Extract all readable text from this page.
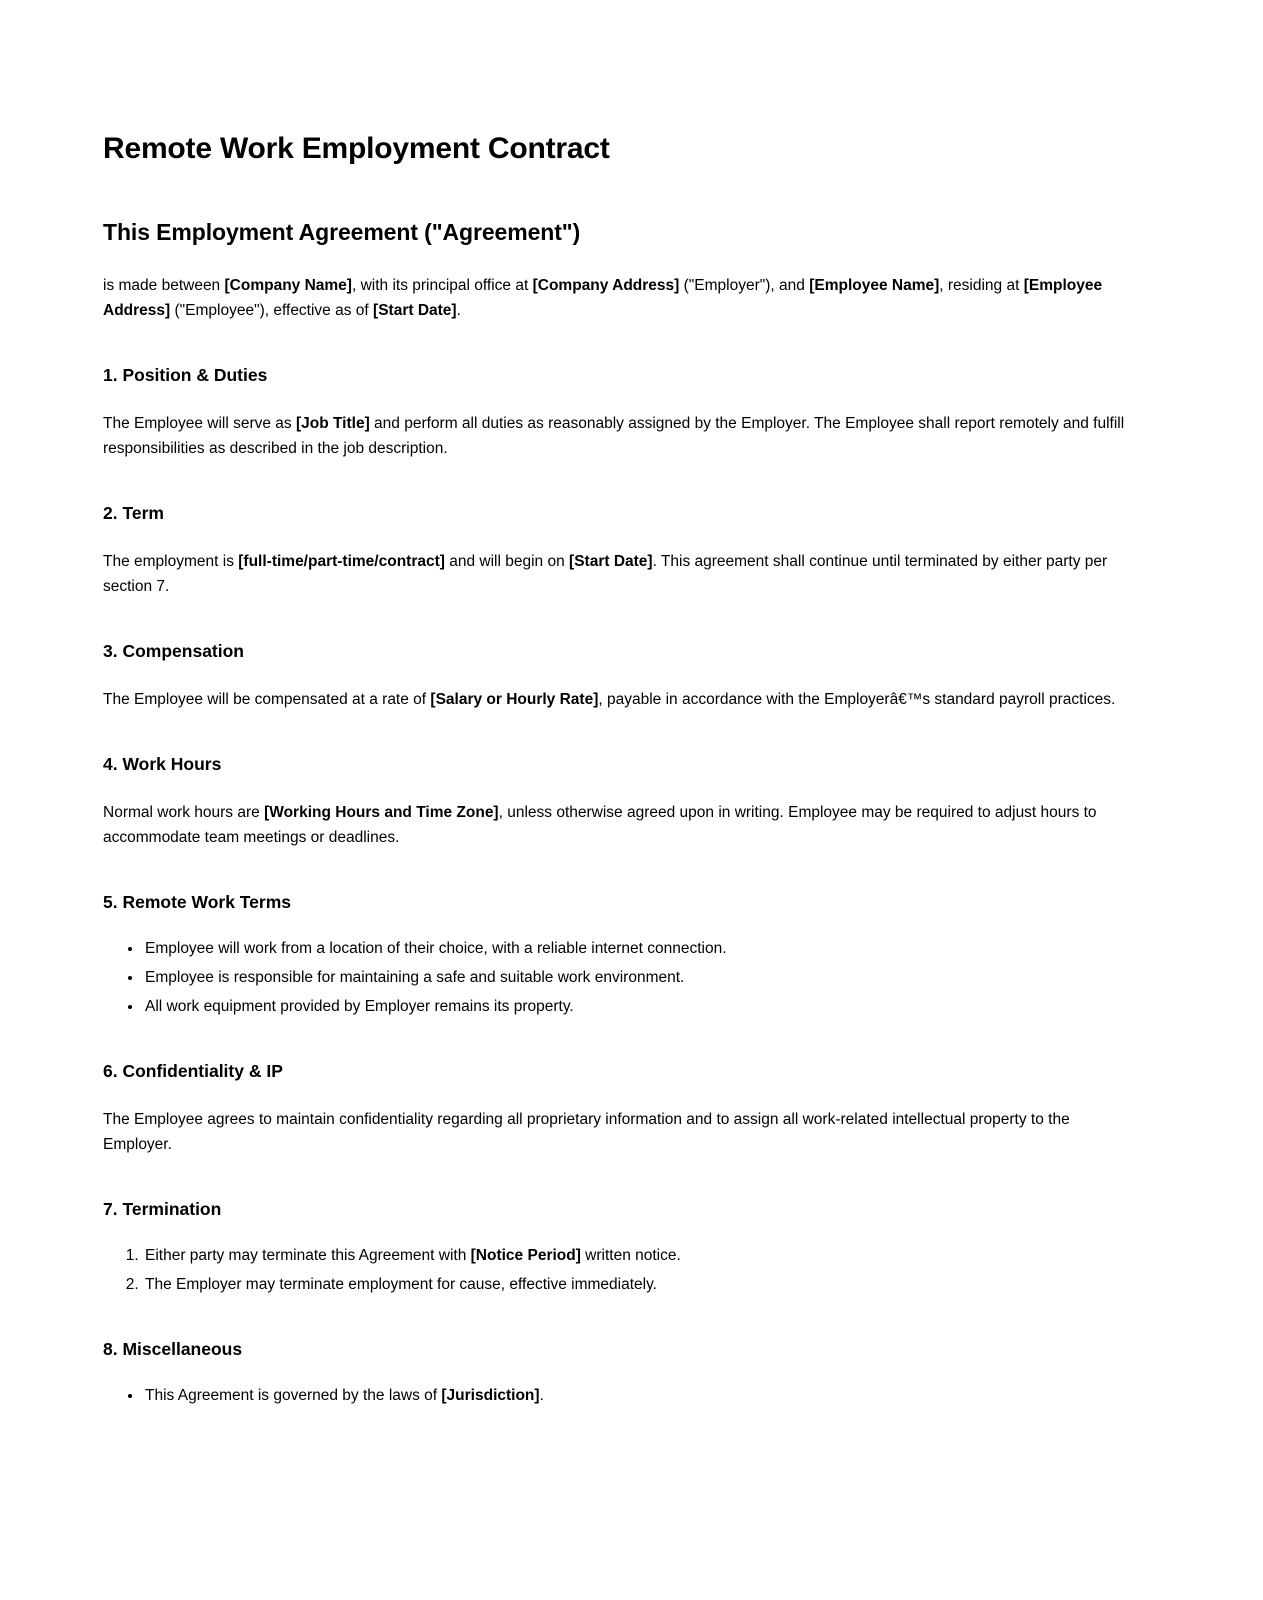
Remote Work Employment Contract
This Employment Agreement ("Agreement")

is made between [Company Name], with its principal office at [Company Address] ("Employer"), and [Employee Name], residing at [Employee Address] ("Employee"), effective as of [Start Date].

1. Position & Duties

The Employee will serve as [Job Title] and perform all duties as reasonably assigned by the Employer. The Employee shall report remotely and fulfill responsibilities as described in the job description.

2. Term

The employment is [full-time/part-time/contract] and will begin on [Start Date]. This agreement shall continue until terminated by either party per section 7.

3. Compensation

The Employee will be compensated at a rate of [Salary or Hourly Rate], payable in accordance with the Employerâ€™s standard payroll practices.

4. Work Hours

Normal work hours are [Working Hours and Time Zone], unless otherwise agreed upon in writing. Employee may be required to adjust hours to accommodate team meetings or deadlines.

5. Remote Work Terms
• Employee will work from a location of their choice, with a reliable internet connection.
• Employee is responsible for maintaining a safe and suitable work environment.
• All work equipment provided by Employer remains its property.
6. Confidentiality & IP

The Employee agrees to maintain confidentiality regarding all proprietary information and to assign all work-related intellectual property to the Employer.

7. Termination
1. Either party may terminate this Agreement with [Notice Period] written notice.
2. The Employer may terminate employment for cause, effective immediately.
8. Miscellaneous
• This Agreement is governed by the laws of [Jurisdiction].
